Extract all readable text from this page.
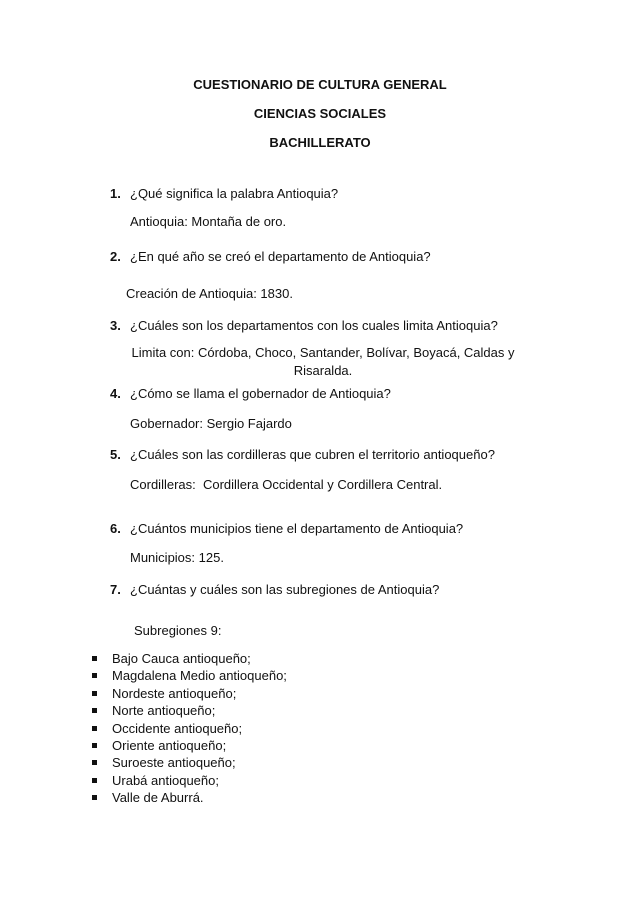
CUESTIONARIO DE CULTURA GENERAL
CIENCIAS SOCIALES
BACHILLERATO
1. ¿Qué significa la palabra Antioquia?
Antioquia: Montaña de oro.
2. ¿En qué año se creó el departamento de Antioquia?
Creación de Antioquia: 1830.
3. ¿Cuáles son los departamentos con los cuales limita Antioquia?
Limita con: Córdoba, Choco, Santander, Bolívar, Boyacá, Caldas y Risaralda.
4. ¿Cómo se llama el gobernador de Antioquia?
Gobernador: Sergio Fajardo
5. ¿Cuáles son las cordilleras que cubren el territorio antioqueño?
Cordilleras:  Cordillera Occidental y Cordillera Central.
6. ¿Cuántos municipios tiene el departamento de Antioquia?
Municipios: 125.
7. ¿Cuántas y cuáles son las subregiones de Antioquia?
Subregiones 9:
Bajo Cauca antioqueño;
Magdalena Medio antioqueño;
Nordeste antioqueño;
Norte antioqueño;
Occidente antioqueño;
Oriente antioqueño;
Suroeste antioqueño;
Urabá antioqueño;
Valle de Aburrá.
